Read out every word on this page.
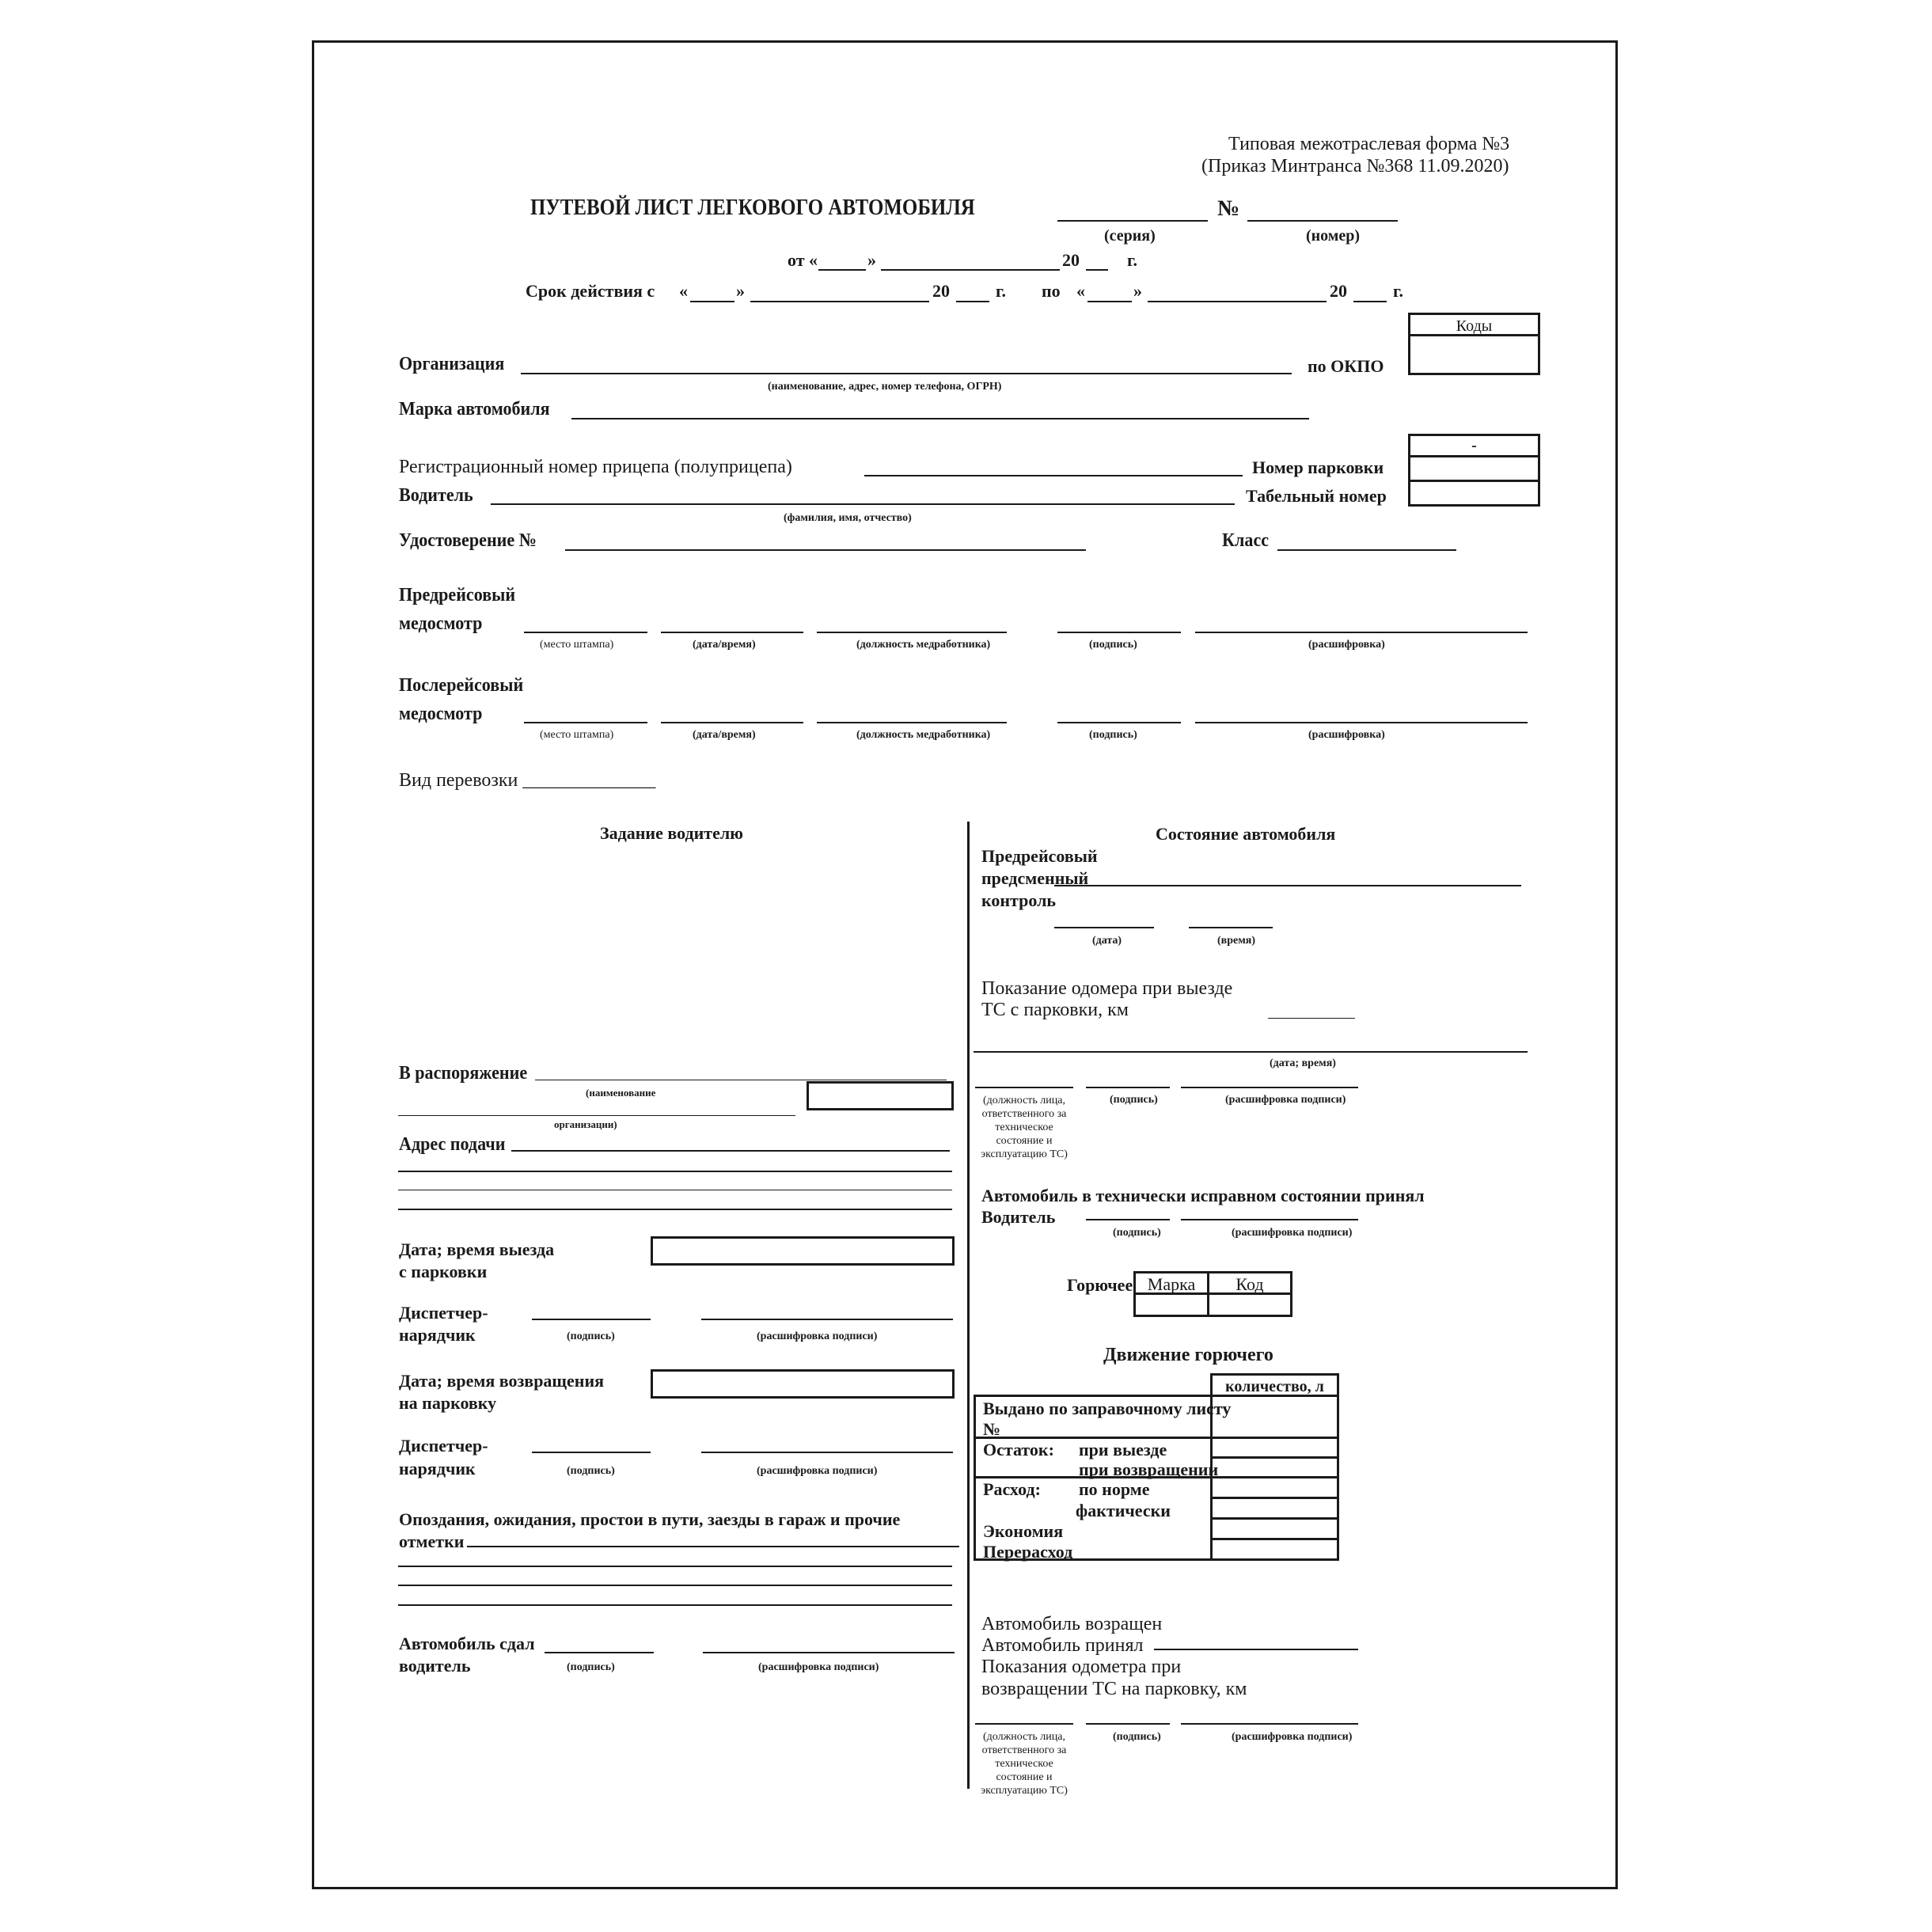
Типовая межотраслевая форма №3
(Приказ Минтранса №368 11.09.2020)
ПУТЕВОЙ ЛИСТ ЛЕГКОВОГО АВТОМОБИЛЯ	№
(серия)	(номер)
от «	»	20	г.
Срок действия с «	»	20	г. по «	»	20	г.
Коды
Организация	по ОКПО
(наименование, адрес, номер телефона, ОГРН)
Марка автомобиля
-
Регистрационный номер прицепа (полуприцепа)	Номер парковки
Водитель	Табельный номер
(фамилия, имя, отчество)
Удостоверение №	Класс
Предрейсовый
медосмотр
(место штампа)	(дата/время)	(должность медработника)	(подпись)	(расшифровка)
Послерейсовый
медосмотр
(место штампа)	(дата/время)	(должность медработника)	(подпись)	(расшифровка)
Вид перевозки ______________
Задание водителю
В распоряжение
(наименование
организации)
Адрес подачи
Дата; время выезда
с парковки
Диспетчер-
нарядчик	(подпись)	(расшифровка подписи)
Дата; время возвращения
на парковку
Диспетчер-
нарядчик	(подпись)	(расшифровка подписи)
Опоздания, ожидания, простои в пути, заезды в гараж и прочие
отметки
Автомобиль сдал
водитель	(подпись)	(расшифровка подписи)
Состояние автомобиля
Предрейсовый
предсменный
контроль
(дата)	(время)
Показание одомера при выезде
ТС с парковки, км
(дата; время)
(должность лица,
ответственного за
техническое
состояние и
эксплуатацию ТС)
(подпись)	(расшифровка подписи)
Автомобиль в технически исправном состоянии принял
Водитель
(подпись)	(расшифровка подписи)
Горючее Марка	Код
Движение горючего
количество, л
Выдано по заправочному листу
№
Остаток: при выезде
при возвращении
Расход: по норме
фактически
Экономия
Перерасход
Автомобиль возращен
Автомобиль принял
Показания одометра при
возвращении ТС на парковку, км
(должность лица,
ответственного за
техническое
состояние и
эксплуатацию ТС)
(подпись)	(расшифровка подписи)
